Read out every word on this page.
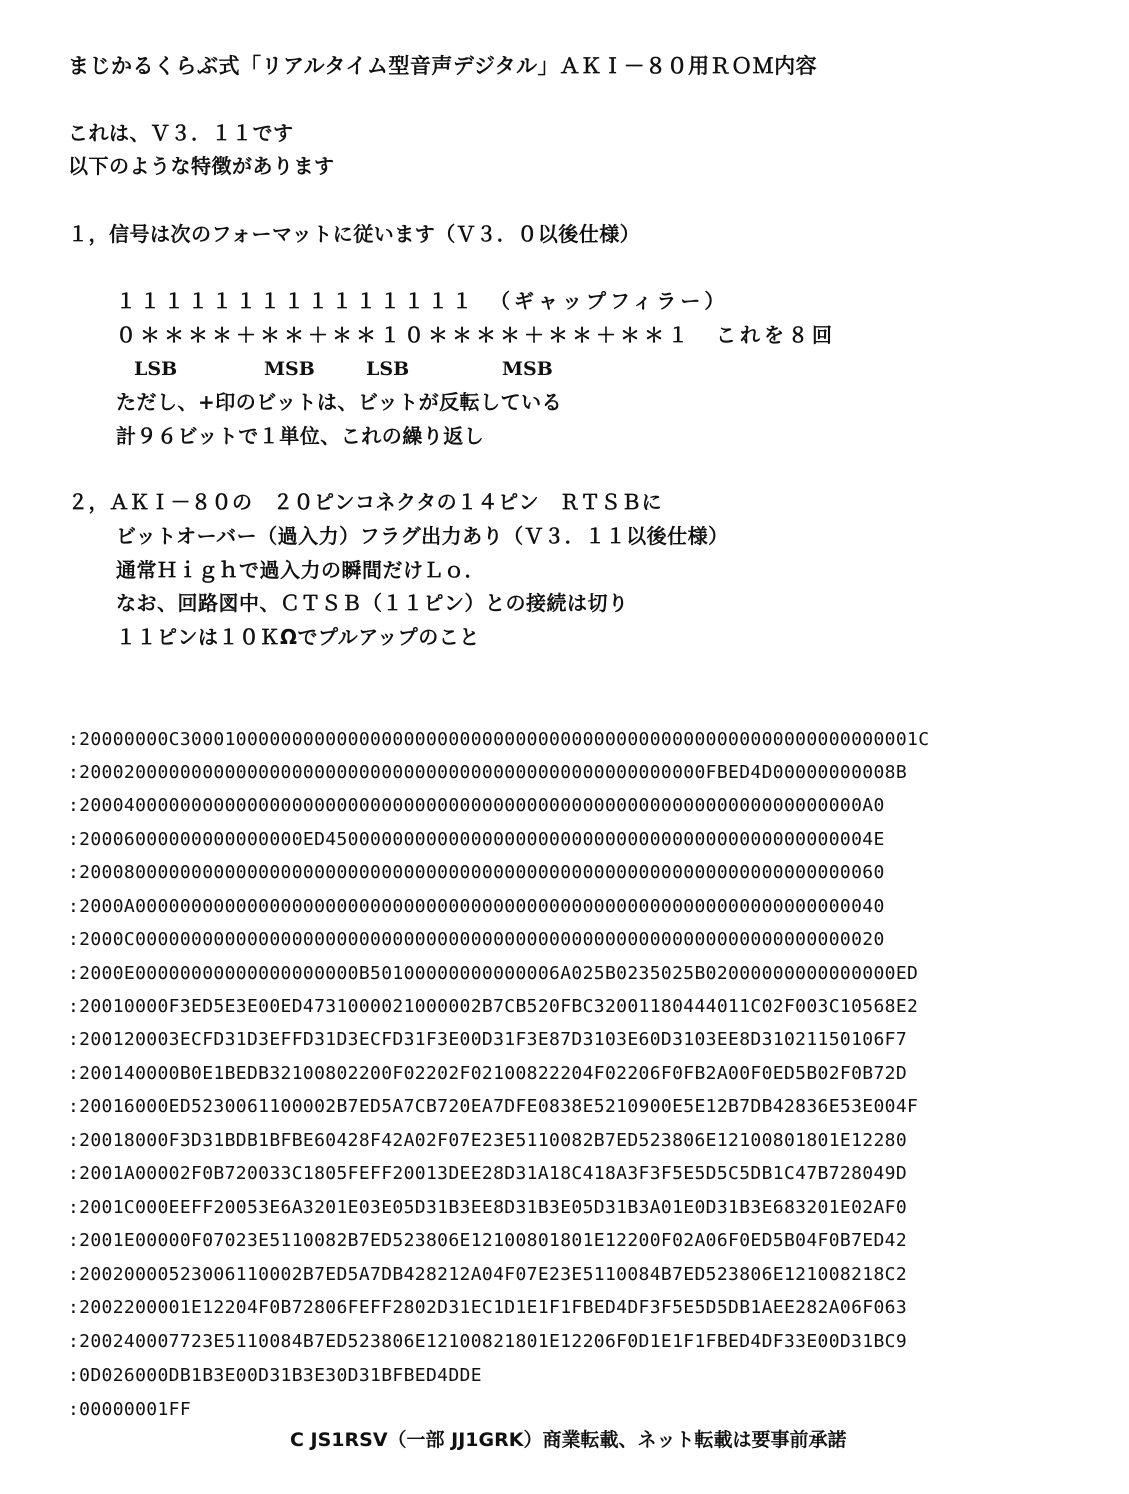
まじかるくらぶ式「リアルタイム型音声デジタル」ＡＫＩ－８０用ＲＯＭ内容
これは、Ｖ３．１１です
以下のような特徴があります
１，信号は次のフォーマットに従います（Ｖ３．０以後仕様）
１１１１１１１１１１１１１１１　（ギャップフィラー）
０＊＊＊＊＋＊＊＋＊＊１０＊＊＊＊＋＊＊＋＊＊１　これを８回
LSB	MSB	LSB	MSB
ただし、+印のビットは、ビットが反転している
計９６ビットで１単位、これの繰り返し
２，ＡＫＩ－８０の　２０ピンコネクタの１４ピン　ＲＴＳＢに
ビットオーバー（過入力）フラグ出力あり（Ｖ３．１１以後仕様）
通常Ｈｉｇｈで過入力の瞬間だけＬｏ．
なお、回路図中、ＣＴＳＢ（１１ピン）との接続は切り
１１ピンは１０ＫΩでプルアップのこと
:20000000C300010000000000000000000000000000000000000000000000000000000000001C
:20002000000000000000000000000000000000000000000000000000FBED4D00000000008B
:2000400000000000000000000000000000000000000000000000000000000000000000A0
:20006000000000000000ED4500000000000000000000000000000000000000000000004E
:200080000000000000000000000000000000000000000000000000000000000000000060
:2000A0000000000000000000000000000000000000000000000000000000000000000040
:2000C0000000000000000000000000000000000000000000000000000000000000000020
:2000E00000000000000000000B50100000000000006A025B0235025B02000000000000000ED
:20010000F3ED5E3E00ED4731000021000002B7CB520FBC32001180444011C02F003C10568E2
:200120003ECFD31D3EFFD31D3ECFD31F3E00D31F3E87D3103E60D3103EE8D31021150106F7
:200140000B0E1BEDB32100802200F02202F02100822204F02206F0FB2A00F0ED5B02F0B72D
:20016000ED5230061100002B7ED5A7CB720EA7DFE0838E5210900E5E12B7DB42836E53E004F
:20018000F3D31BDB1BFBE60428F42A02F07E23E5110082B7ED523806E12100801801E12280
:2001A00002F0B720033C1805FEFF20013DEE28D31A18C418A3F3F5E5D5C5DB1C47B728049D
:2001C000EEFF20053E6A3201E03E05D31B3EE8D31B3E05D31B3A01E0D31B3E683201E02AF0
:2001E00000F07023E5110082B7ED523806E12100801801E12200F02A06F0ED5B04F0B7ED42
:20020000523006110002B7ED5A7DB428212A04F07E23E5110084B7ED523806E121008218C2
:2002200001E12204F0B72806FEFF2802D31EC1D1E1F1FBED4DF3F5E5D5DB1AEE282A06F063
:200240007723E5110084B7ED523806E12100821801E12206F0D1E1F1FBED4DF33E00D31BC9
:0D026000DB1B3E00D31B3E30D31BFBED4DDE
:00000001FF
C JS1RSV（一部 JJ1GRK）商業転載、ネット転載は要事前承諾
